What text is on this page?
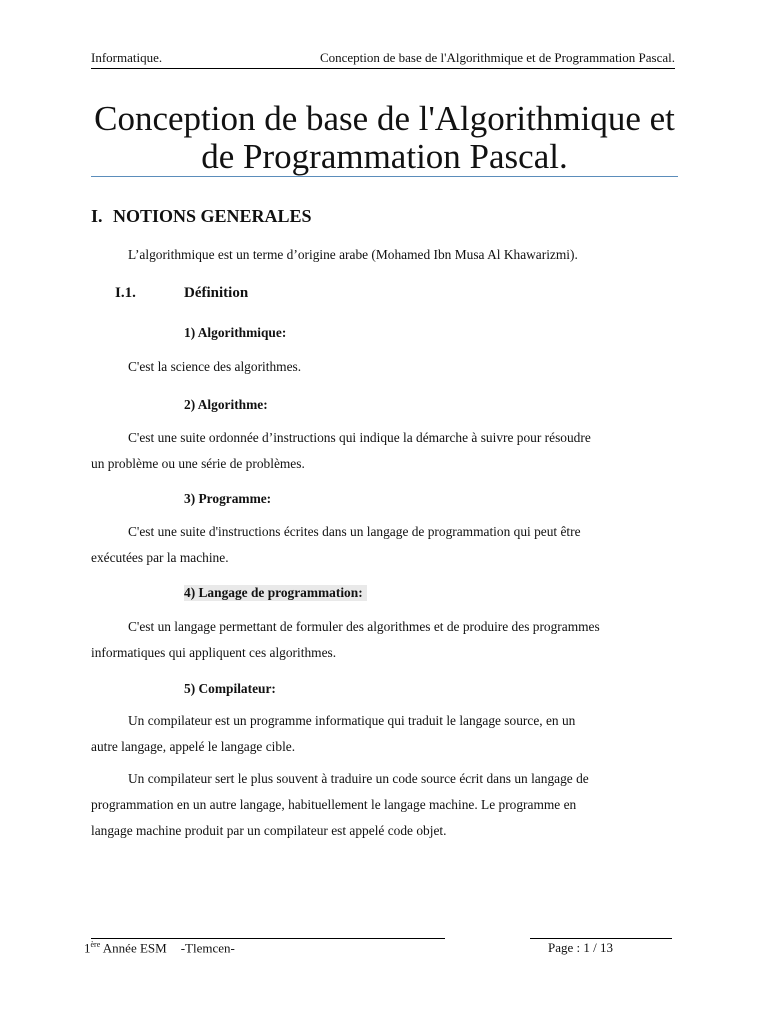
Informatique.	Conception de base de l'Algorithmique et de Programmation Pascal.
Conception de base de l'Algorithmique et
de Programmation Pascal.
I. NOTIONS GENERALES
L’algorithmique est un terme d’origine arabe (Mohamed Ibn Musa Al Khawarizmi).
I.1.	Définition
1) Algorithmique:
C'est la science des algorithmes.
2) Algorithme:
C'est une suite ordonnée d’instructions qui indique la démarche à suivre pour résoudre
un problème ou une série de problèmes.
3) Programme:
C'est une suite d'instructions écrites dans un langage de programmation qui peut être
exécutées par la machine.
4) Langage de programmation:
C'est un langage permettant de formuler des algorithmes et de produire des programmes
informatiques qui appliquent ces algorithmes.
5) Compilateur:
Un compilateur est un programme informatique qui traduit le langage source, en un
autre langage, appelé le langage cible.
Un compilateur sert le plus souvent à traduire un code source écrit dans un langage de
programmation en un autre langage, habituellement le langage machine. Le programme en
langage machine produit par un compilateur est appelé code objet.
1ère Année ESM -Tlemcen-	Page : 1 / 13
